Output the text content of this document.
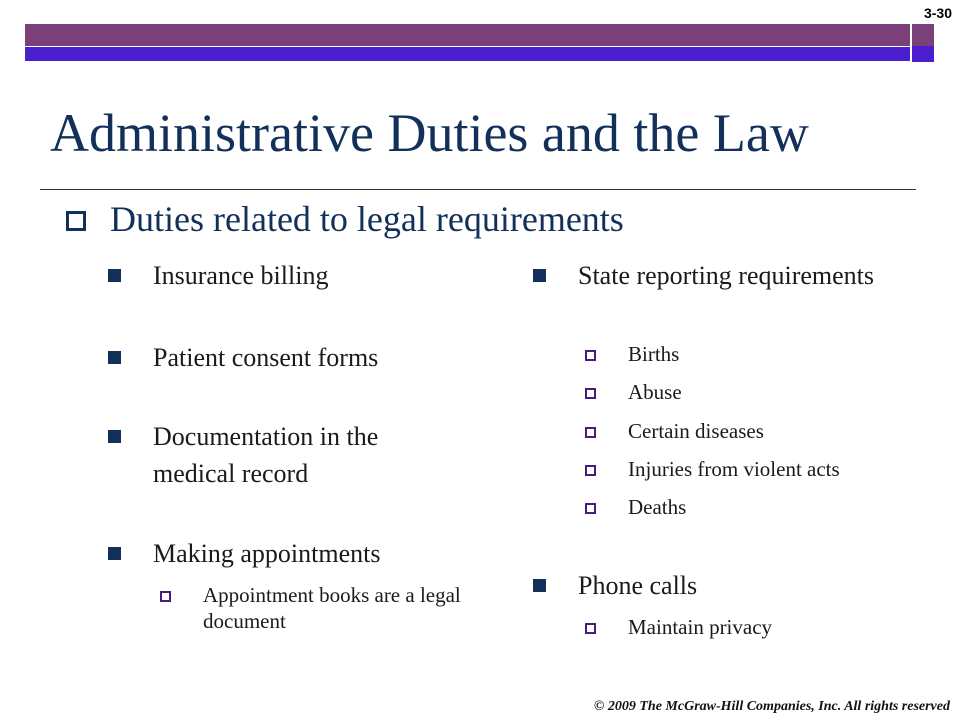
3-30
Administrative Duties and the Law
Duties related to legal requirements
Insurance billing
Patient consent forms
Documentation in the medical record
Making appointments
Appointment books are a legal document
State reporting requirements
Births
Abuse
Certain diseases
Injuries from violent acts
Deaths
Phone calls
Maintain privacy
© 2009 The McGraw-Hill Companies, Inc. All rights reserved
